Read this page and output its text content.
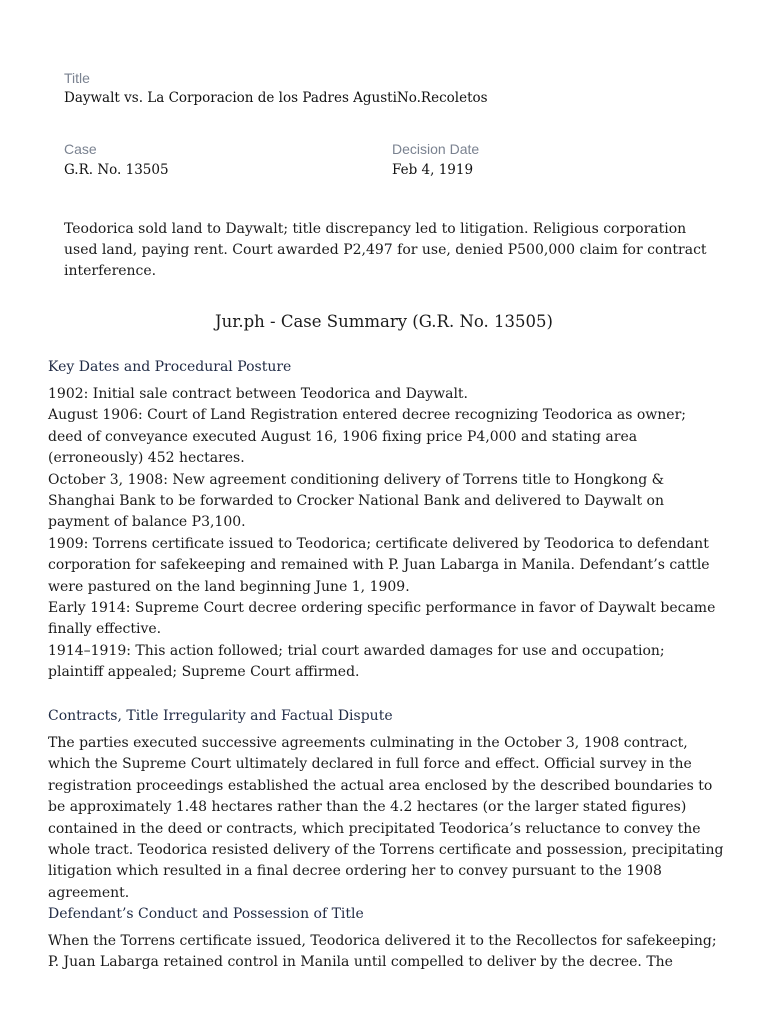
Title
Daywalt vs. La Corporacion de los Padres AgustiNo.Recoletos
Case
G.R. No. 13505
Decision Date
Feb 4, 1919
Teodorica sold land to Daywalt; title discrepancy led to litigation. Religious corporation used land, paying rent. Court awarded P2,497 for use, denied P500,000 claim for contract interference.
Jur.ph - Case Summary (G.R. No. 13505)
Key Dates and Procedural Posture

1902: Initial sale contract between Teodorica and Daywalt.

August 1906: Court of Land Registration entered decree recognizing Teodorica as owner; deed of conveyance executed August 16, 1906 fixing price P4,000 and stating area (erroneously) 452 hectares.

October 3, 1908: New agreement conditioning delivery of Torrens title to Hongkong & Shanghai Bank to be forwarded to Crocker National Bank and delivered to Daywalt on payment of balance P3,100.

1909: Torrens certificate issued to Teodorica; certificate delivered by Teodorica to defendant corporation for safekeeping and remained with P. Juan Labarga in Manila. Defendant’s cattle were pastured on the land beginning June 1, 1909.

Early 1914: Supreme Court decree ordering specific performance in favor of Daywalt became finally effective.

1914–1919: This action followed; trial court awarded damages for use and occupation; plaintiff appealed; Supreme Court affirmed.

Contracts, Title Irregularity and Factual Dispute

The parties executed successive agreements culminating in the October 3, 1908 contract, which the Supreme Court ultimately declared in full force and effect. Official survey in the registration proceedings established the actual area enclosed by the described boundaries to be approximately 1.48 hectares rather than the 4.2 hectares (or the larger stated figures) contained in the deed or contracts, which precipitated Teodorica’s reluctance to convey the whole tract. Teodorica resisted delivery of the Torrens certificate and possession, precipitating litigation which resulted in a final decree ordering her to convey pursuant to the 1908 agreement.

Defendant’s Conduct and Possession of Title

When the Torrens certificate issued, Teodorica delivered it to the Recollectos for safekeeping; P. Juan Labarga retained control in Manila until compelled to deliver by the decree. The
